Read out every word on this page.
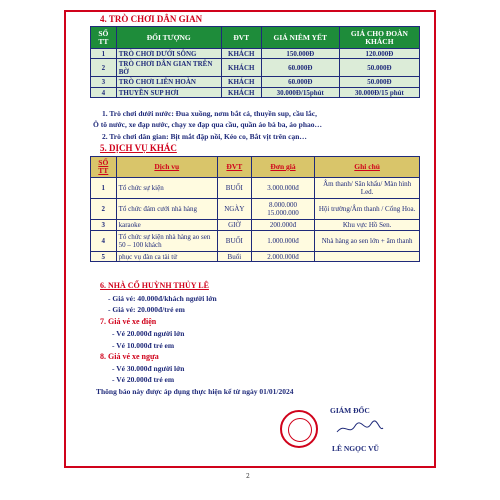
4. TRÒ CHƠI DÂN GIAN
SỐ TT	ĐỐI TƯỢNG	ĐVT	GIÁ NIÊM YẾT	GIÁ CHO ĐOÀN KHÁCH
1	TRÒ CHƠI DƯỚI SÔNG	KHÁCH	150.000Đ	120.000Đ
2	TRÒ CHƠI DÂN GIAN TRÊN BỜ	KHÁCH	60.000Đ	50.000Đ
3	TRÒ CHƠI LIÊN HOÀN	KHÁCH	60.000Đ	50.000Đ
4	THUYỀN SUP HƠI	KHÁCH	30.000Đ/15phút	30.000Đ/15 phút
1. Trò chơi dưới nước: Đua xuồng, nơm bắt cá, thuyền sup, cầu lắc,
Ô tô nước, xe đạp nước, chạy xe đạp qua cầu, quần áo bà ba, áo phao…
2. Trò chơi dân gian: Bịt mắt đập nồi, Kéo co, Bắt vịt trên cạn…
5. DỊCH VỤ KHÁC
SỐ TT	Dịch vụ	ĐVT	Đơn giá	Ghi chú
1	Tổ chức sự kiện	BUỔI	3.000.000đ	Âm thanh/ Sân khấu/ Màn hình Led.
2	Tổ chức đám cưới nhà hàng	NGÀY	8.000.000 15.000.000	Hội trường/Âm thanh / Cổng Hoa.
3	karaoke	GIỜ	200.000đ	Khu vực Hồ Sen.
4	Tổ chức sự kiện nhà hàng ao sen 50 – 100 khách	BUỔI	1.000.000đ	Nhà hàng ao sen lớn + âm thanh
5	phục vụ đàn ca tài tử	Buổi	2.000.000đ	
6. NHÀ CỔ HUỲNH THỦY LÊ
- Giá vé: 40.000đ/khách người lớn
- Giá vé: 20.000đ/trẻ em
7. Giá vé xe điện
- Vé 20.000đ người lớn
- Vé 10.000đ trẻ em
8. Giá vé xe ngựa
- Vé 30.000đ người lớn
- Vé 20.000đ trẻ em
Thông báo này được áp dụng thực hiện kể từ ngày 01/01/2024
GIÁM ĐỐC
LÊ NGỌC VŨ
2
